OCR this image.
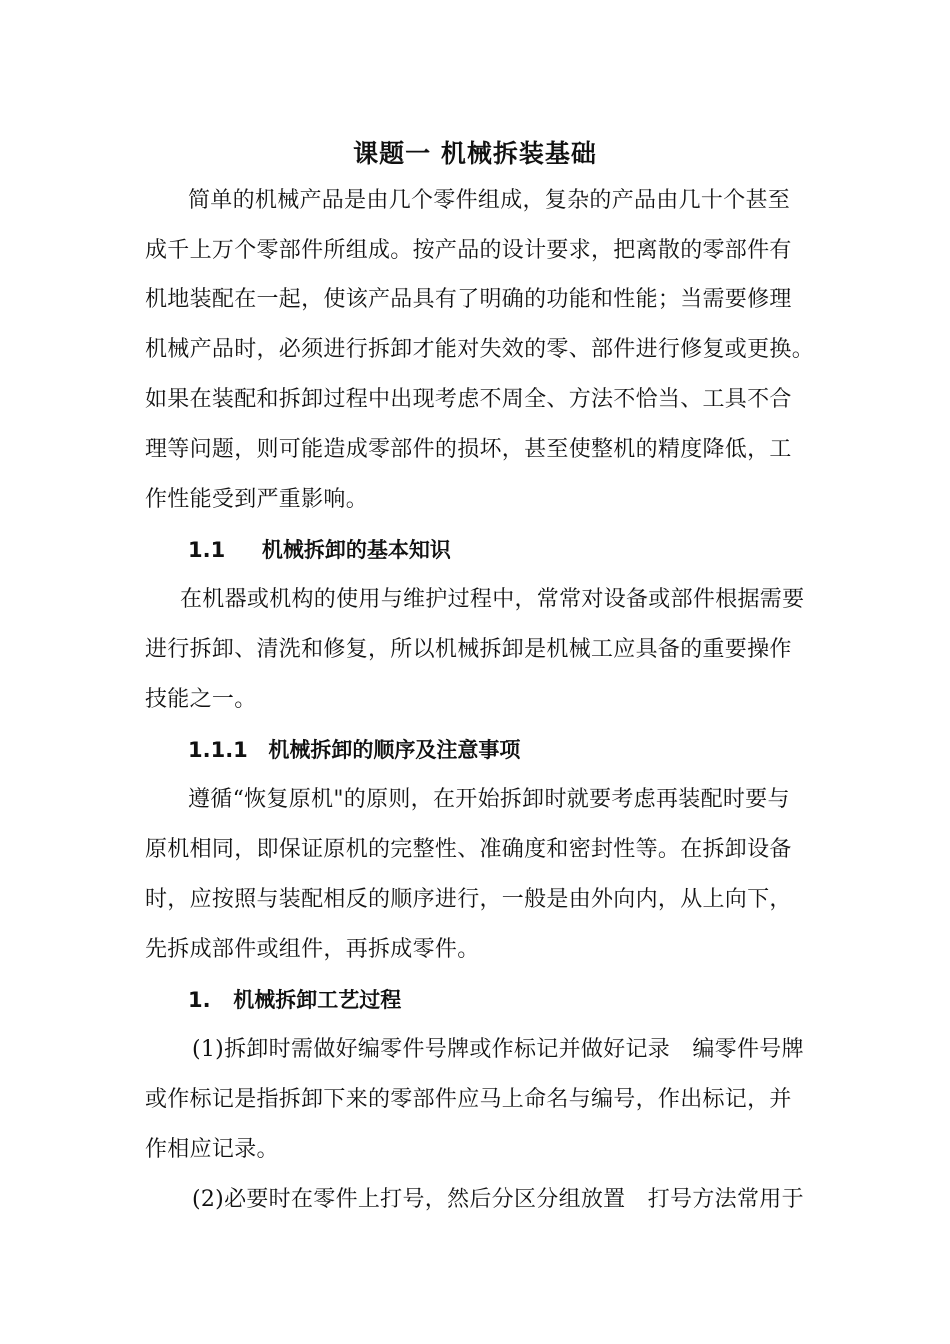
课题一 机械拆装基础
简单的机械产品是由几个零件组成，复杂的产品由几十个甚至
成千上万个零部件所组成。按产品的设计要求，把离散的零部件有
机地装配在一起，使该产品具有了明确的功能和性能；当需要修理
机械产品时，必须进行拆卸才能对失效的零、部件进行修复或更换。
如果在装配和拆卸过程中出现考虑不周全、方法不恰当、工具不合
理等问题，则可能造成零部件的损坏，甚至使整机的精度降低，工
作性能受到严重影响。
1.1 机械拆卸的基本知识
在机器或机构的使用与维护过程中，常常对设备或部件根据需要
进行拆卸、清洗和修复，所以机械拆卸是机械工应具备的重要操作
技能之一。
1.1.1 机械拆卸的顺序及注意事项
遵循“恢复原机"的原则，在开始拆卸时就要考虑再装配时要与
原机相同，即保证原机的完整性、准确度和密封性等。在拆卸设备
时，应按照与装配相反的顺序进行，一般是由外向内，从上向下，
先拆成部件或组件，再拆成零件。
1. 机械拆卸工艺过程
(1)拆卸时需做好编零件号牌或作标记并做好记录　编零件号牌
或作标记是指拆卸下来的零部件应马上命名与编号，作出标记，并
作相应记录。
(2)必要时在零件上打号，然后分区分组放置　打号方法常用于
